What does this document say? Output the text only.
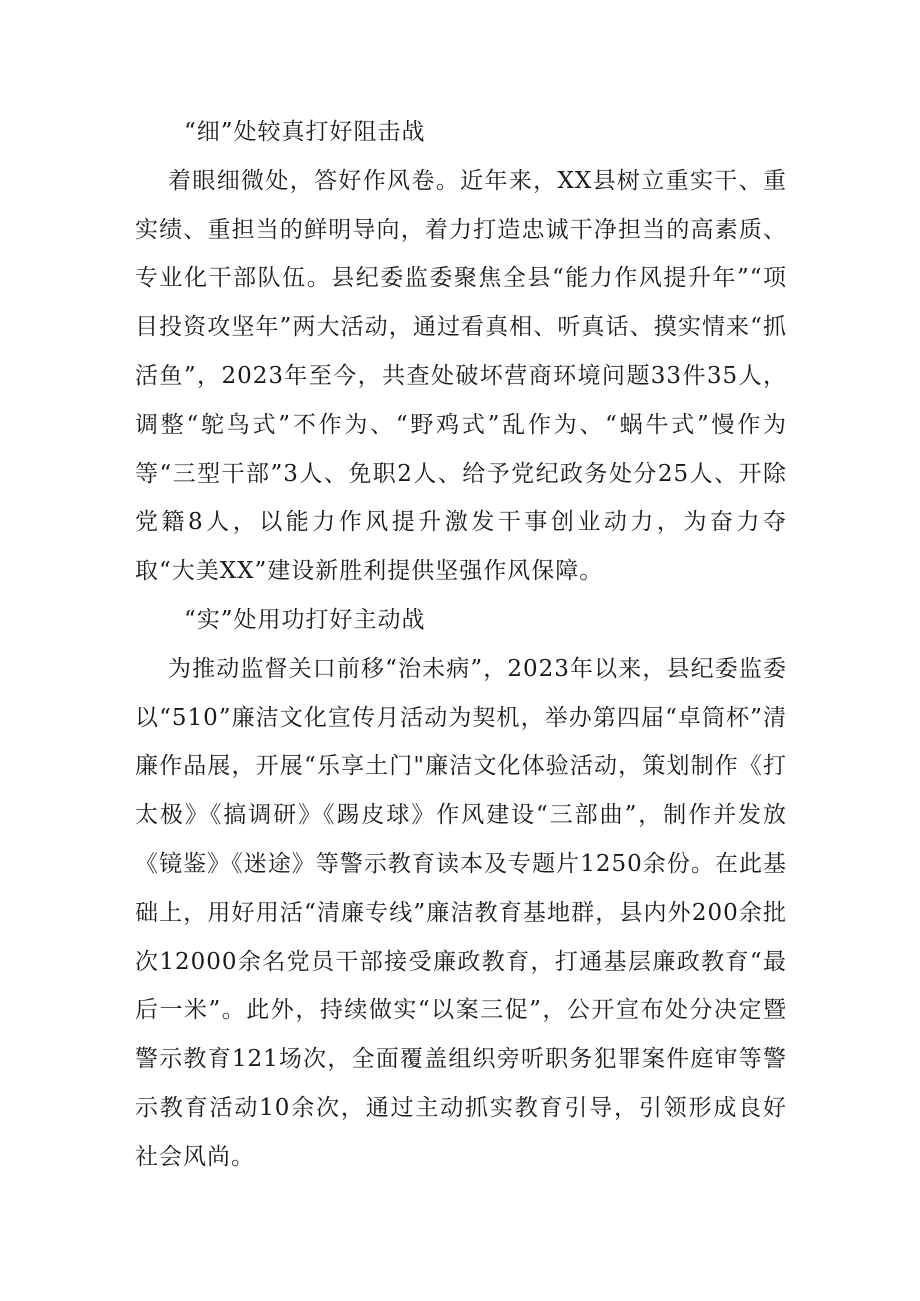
“细”处较真打好阻击战

着眼细微处，答好作风卷。近年来，XX县树立重实干、重实绩、重担当的鲜明导向，着力打造忠诚干净担当的高素质、专业化干部队伍。县纪委监委聚焦全县“能力作风提升年”“项目投资攻坚年”两大活动，通过看真相、听真话、摸实情来“抓活鱼”，2023年至今，共查处破坏营商环境问题33件35人，调整“鸵鸟式”不作为、“野鸡式”乱作为、“蜗牛式”慢作为等“三型干部”3人、免职2人、给予党纪政务处分25人、开除党籍8人，以能力作风提升激发干事创业动力，为奋力夺取“大美XX”建设新胜利提供坚强作风保障。

“实”处用功打好主动战

为推动监督关口前移“治未病”，2023年以来，县纪委监委以“510”廉洁文化宣传月活动为契机，举办第四届“卓筒杯”清廉作品展，开展“乐享土门"廉洁文化体验活动，策划制作《打太极》《搞调研》《踢皮球》作风建设“三部曲”，制作并发放《镜鉴》《迷途》等警示教育读本及专题片1250余份。在此基础上，用好用活“清廉专线”廉洁教育基地群，县内外200余批次12000余名党员干部接受廉政教育，打通基层廉政教育“最后一米”。此外，持续做实“以案三促”，公开宣布处分决定暨警示教育121场次，全面覆盖组织旁听职务犯罪案件庭审等警示教育活动10余次，通过主动抓实教育引导，引领形成良好社会风尚。
